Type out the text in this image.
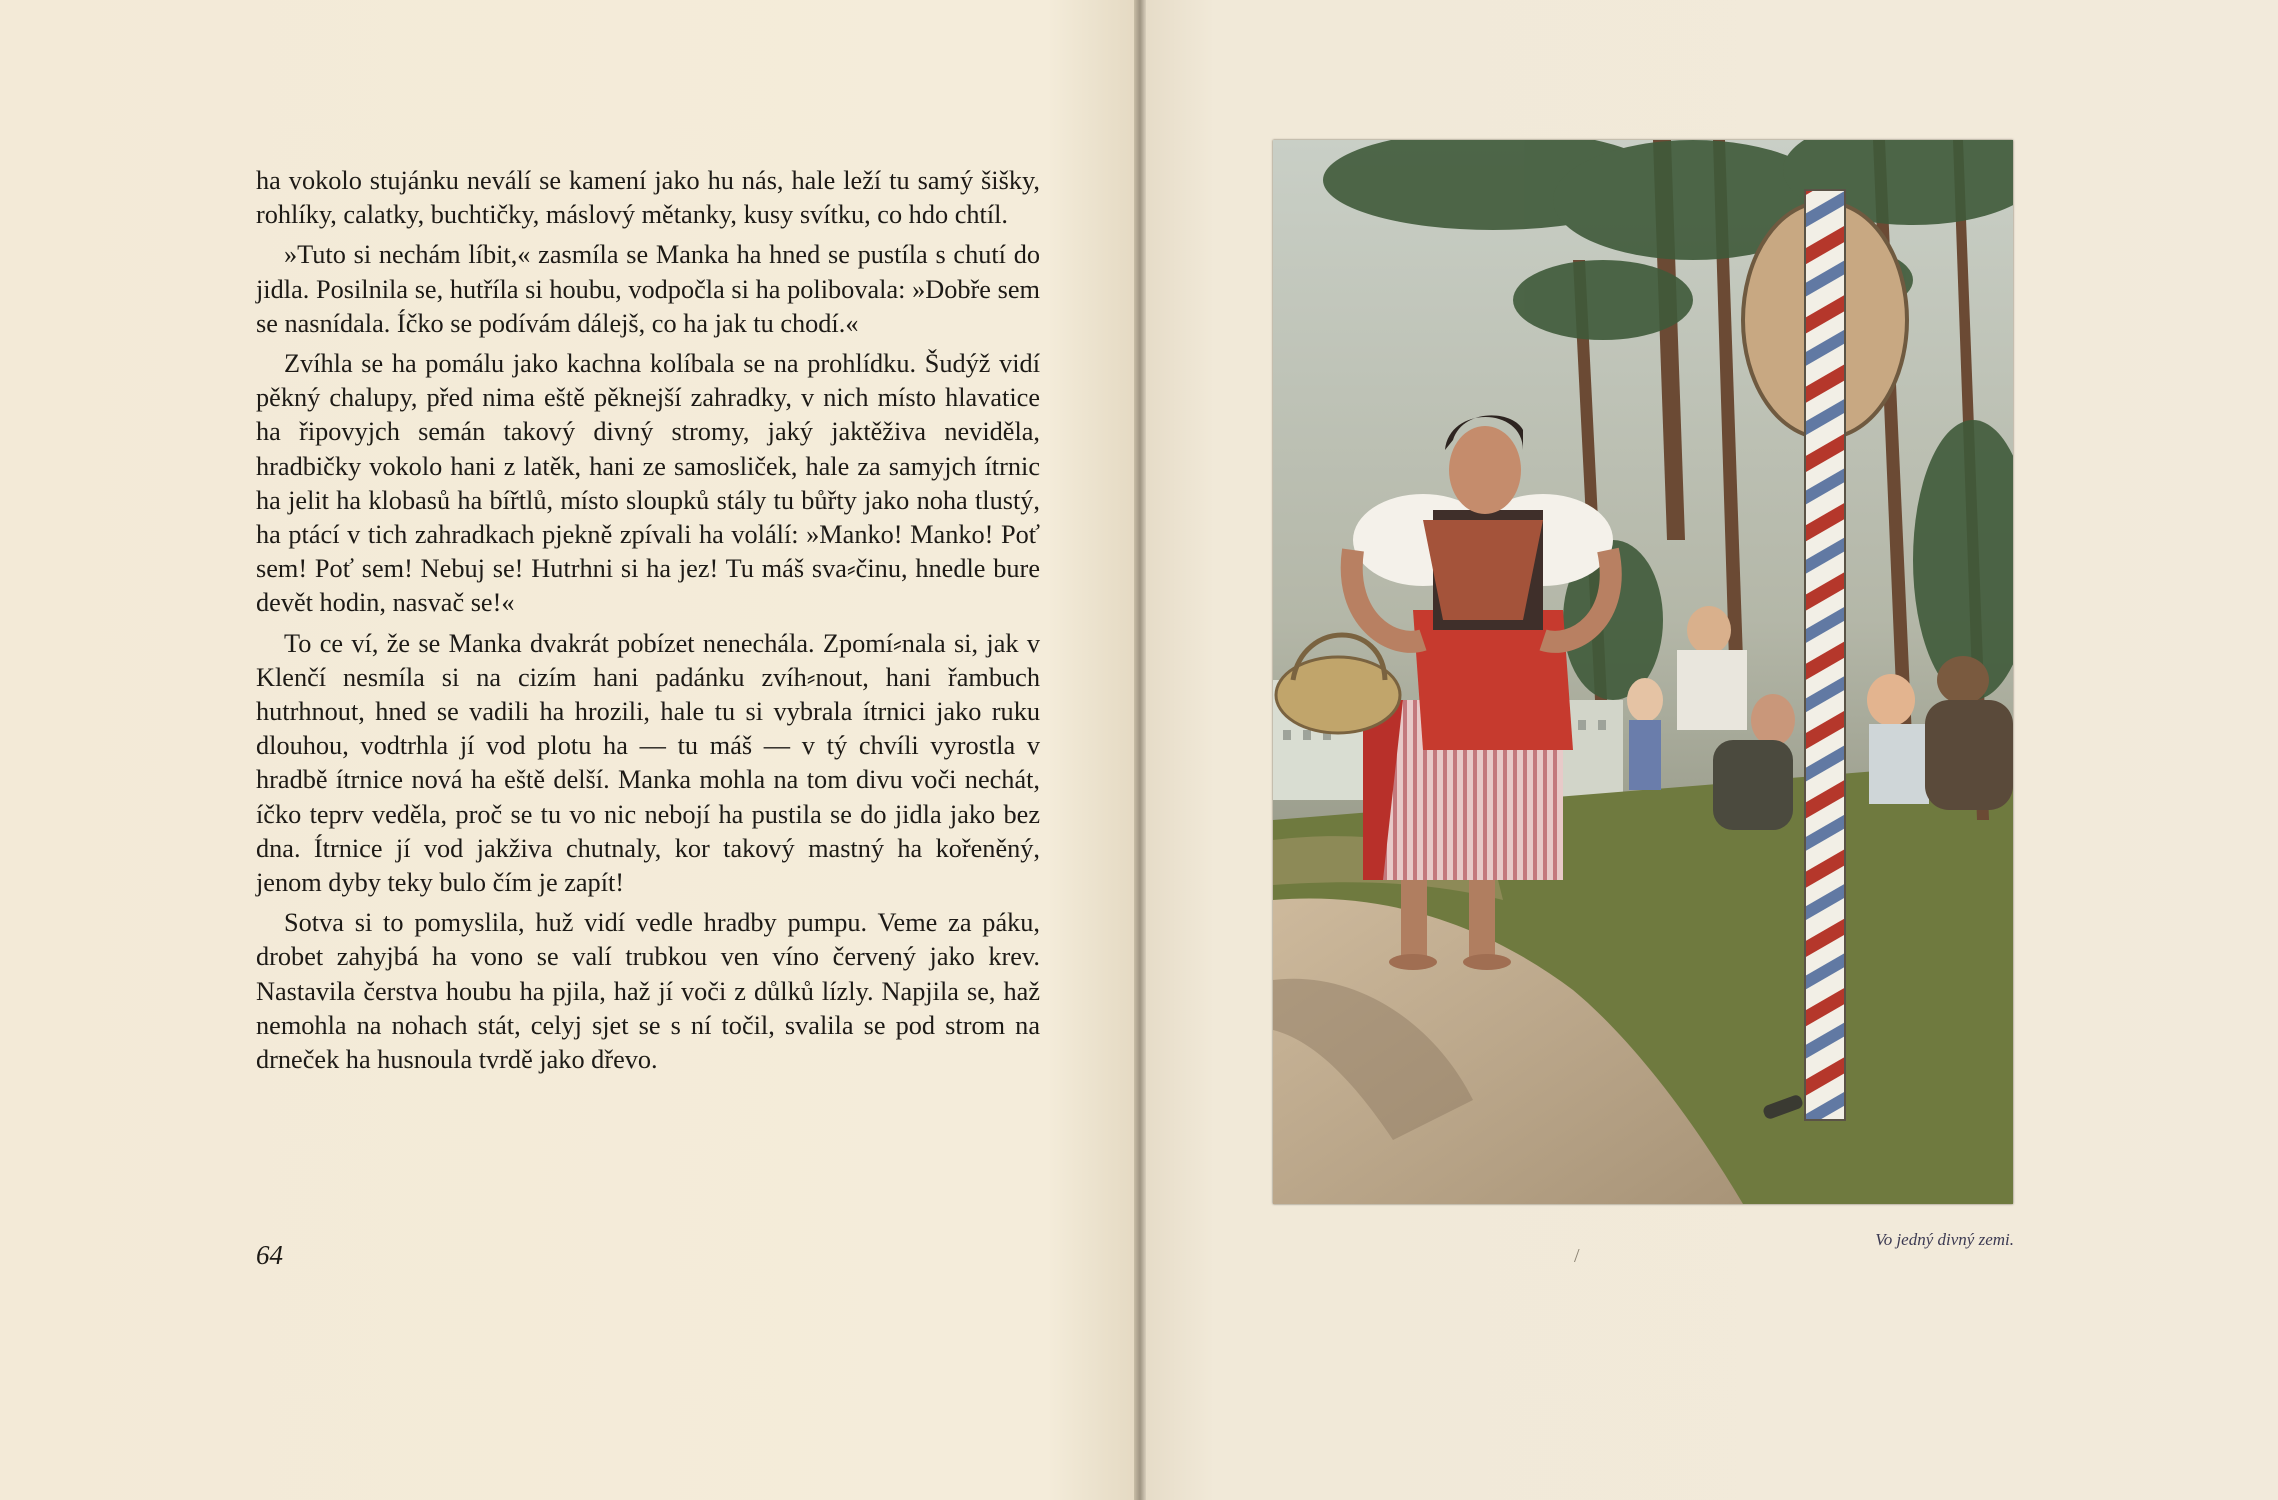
ha vokolo stujánku neválí se kamení jako hu nás, hale leží tu samý šišky, rohlíky, calatky, buchtičky, máslový mětanky, kusy svítku, co hdo chtíl.

»Tuto si nechám líbit,« zasmíla se Manka ha hned se pustíla s chutí do jidla. Posilnila se, hutříla si houbu, vodpočla si ha polibovala: »Dobře sem se nasnídala. Íčko se podívám dálejš, co ha jak tu chodí.«

Zvíhla se ha pomálu jako kachna kolíbala se na prohlídku. Šudýž vidí pěkný chalupy, před nima eště pěknejší zahradky, v nich místo hlavatice ha řipovyjch semán takový divný stromy, jaký jaktěživa neviděla, hradbičky vokolo hani z latěk, hani ze samosliček, hale za samyjch ítrnic ha jelit ha klobasů ha bířtlů, místo sloupků stály tu bůřty jako noha tlustý, ha ptácí v tich zahradkach pjekně zpívali ha volálí: »Manko! Manko! Poť sem! Poť sem! Nebuj se! Hutrhni si ha jez! Tu máš sva⸗činu, hnedle bure devět hodin, nasvač se!«

To ce ví, že se Manka dvakrát pobízet nenechála. Zpomí⸗nala si, jak v Klenčí nesmíla si na cizím hani padánku zvíh⸗nout, hani řambuch hutrhnout, hned se vadili ha hrozili, hale tu si vybrala ítrnici jako ruku dlouhou, vodtrhla jí vod plotu ha — tu máš — v tý chvíli vyrostla v hradbě ítrnice nová ha eště delší. Manka mohla na tom divu voči nechát, íčko teprv veděla, proč se tu vo nic nebojí ha pustila se do jidla jako bez dna. Ítrnice jí vod jakživa chutnaly, kor takový mastný ha kořeněný, jenom dyby teky bulo čím je zapít!

Sotva si to pomyslila, huž vidí vedle hradby pumpu. Veme za páku, drobet zahyjbá ha vono se valí trubkou ven víno červený jako krev. Nastavila čerstva houbu ha pjila, haž jí voči z důlků lízly. Napjila se, haž nemohla na nohach stát, celyj sjet se s ní točil, svalila se pod strom na drneček ha husnoula tvrdě jako dřevo.

64
Vo jedný divný zemi.
/
